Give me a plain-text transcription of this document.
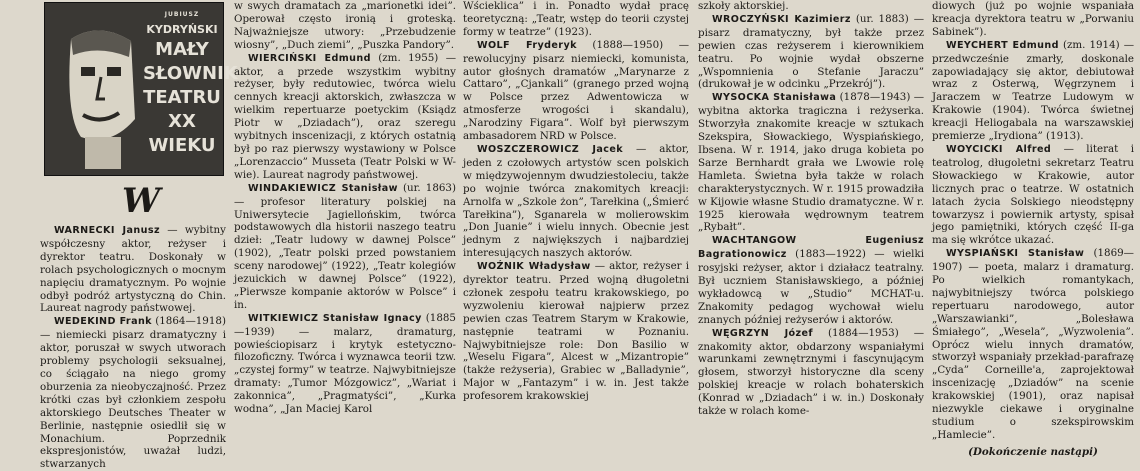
JUBIUSZ
KYDRYŃSKI
MAŁY
SŁOWNIK
TEATRU
XX
WIEKU
W

WARNECKI Janusz — wybitny współczesny aktor, reżyser i dyrektor teatru. Doskonały w rolach psychologicznych o mocnym napięciu dramatycznym. Po wojnie odbył podróż artystyczną do Chin. Laureat nagrody państwowej.

WEDEKIND Frank (1864—1918) — niemiecki pisarz dramatyczny i aktor, poruszał w swych utworach problemy psychologii seksualnej, co ściągało na niego gromy oburzenia za nieobyczajność. Przez krótki czas był członkiem zespołu aktorskiego Deutsches Theater w Berlinie, następnie osiedlił się w Monachium. Poprzednik ekspresjonistów, uważał ludzi, stwarzanych

w swych dramatach za „marionetki idei”. Operował często ironią i groteską. Najważniejsze utwory: „Przebudzenie wiosny”, „Duch ziemi”, „Puszka Pandory”.

WIERCIŃSKI Edmund (zm. 1955) — aktor, a przede wszystkim wybitny reżyser, były redutowiec, twórca wielu cennych kreacji aktorskich, zwłaszcza w wielkim repertuarze poetyckim (Ksiądz Piotr w „Dziadach”), oraz szeregu wybitnych inscenizacji, z których ostatnią był po raz pierwszy wystawiony w Polsce „Lorenzaccio” Musseta (Teatr Polski w W-wie). Laureat nagrody państwowej.

WINDAKIEWICZ Stanisław (ur. 1863) — profesor literatury polskiej na Uniwersytecie Jagiellońskim, twórca podstawowych dla historii naszego teatru dzieł: „Teatr ludowy w dawnej Polsce” (1902), „Teatr polski przed powstaniem sceny narodowej” (1922), „Teatr kolegiów jezuickich w dawnej Polsce” (1922), „Pierwsze kompanie aktorów w Polsce” i in.

WITKIEWICZ Stanisław Ignacy (1885—1939) — malarz, dramaturg, powieściopisarz i krytyk estetyczno-filozoficzny. Twórca i wyznawca teorii tzw. „czystej formy” w teatrze. Najwybitniejsze dramaty: „Tumor Mózgowicz”, „Wariat i zakonnica”, „Pragmatyści”, „Kurka wodna”, „Jan Maciej Karol

Wścieklica” i in. Ponadto wydał pracę teoretyczną: „Teatr, wstęp do teorii czystej formy w teatrze” (1923).

WOLF Fryderyk (1888—1950) — rewolucyjny pisarz niemiecki, komunista, autor głośnych dramatów „Marynarze z Cattaro”, „Cjankali” (granego przed wojną w Polsce przez Adwentowicza w atmosferze wrogości i skandalu), „Narodziny Figara”. Wolf był pierwszym ambasadorem NRD w Polsce.

WOSZCZEROWICZ Jacek — aktor, jeden z czołowych artystów scen polskich w międzywojennym dwudziestoleciu, także po wojnie twórca znakomitych kreacji: Arnolfa w „Szkole żon”, Tarełkina („Śmierć Tarełkina”), Sganarela w molierowskim „Don Juanie” i wielu innych. Obecnie jest jednym z największych i najbardziej interesujących naszych aktorów.

WOŹNIK Władysław — aktor, reżyser i dyrektor teatru. Przed wojną długoletni członek zespołu teatru krakowskiego, po wyzwoleniu kierował najpierw przez pewien czas Teatrem Starym w Krakowie, następnie teatrami w Poznaniu. Najwybitniejsze role: Don Basilio w „Weselu Figara”, Alcest w „Mizantropie” (także reżyseria), Grabiec w „Balladynie”, Major w „Fantazym” i w. in. Jest także profesorem krakowskiej

szkoły aktorskiej.

WROCZYŃSKI Kazimierz (ur. 1883) — pisarz dramatyczny, był także przez pewien czas reżyserem i kierownikiem teatru. Po wojnie wydał obszerne „Wspomnienia o Stefanie Jaraczu” (drukował je w odcinku „Przekrój”).

WYSOCKA Stanisława (1878—1943) — wybitna aktorka tragiczna i reżyserka. Stworzyła znakomite kreacje w sztukach Szekspira, Słowackiego, Wyspiańskiego, Ibsena. W r. 1914, jako druga kobieta po Sarze Bernhardt grała we Lwowie rolę Hamleta. Świetna była także w rolach charakterystycznych. W r. 1915 prowadziła w Kijowie własne Studio dramatyczne. W r. 1925 kierowała wędrownym teatrem „Rybałt”.

WACHTANGOW Eugeniusz Bagrationowicz (1883—1922) — wielki rosyjski reżyser, aktor i działacz teatralny. Był uczniem Stanisławskiego, a później wykładowcą w „Studio” MCHAT-u. Znakomity pedagog wychował wielu znanych później reżyserów i aktorów.

WĘGRZYN Józef (1884—1953) — znakomity aktor, obdarzony wspaniałymi warunkami zewnętrznymi i fascynującym głosem, stworzył historyczne dla sceny polskiej kreacje w rolach bohaterskich (Konrad w „Dziadach” i w. in.) Doskonały także w rolach kome-

diowych (już po wojnie wspaniała kreacja dyrektora teatru w „Porwaniu Sabinek”).

WEYCHERT Edmund (zm. 1914) — przedwcześnie zmarły, doskonale zapowiadający się aktor, debiutował wraz z Osterwą, Węgrzynem i Jaraczem w Teatrze Ludowym w Krakowie (1904). Twórca świetnej kreacji Heliogabala na warszawskiej premierze „Irydiona” (1913).

WOYCICKI Alfred — literat i teatrolog, długoletni sekretarz Teatru Słowackiego w Krakowie, autor licznych prac o teatrze. W ostatnich latach życia Solskiego nieodstępny towarzysz i powiernik artysty, spisał jego pamiętniki, których część II-ga ma się wkrótce ukazać.

WYSPIAŃSKI Stanisław (1869—1907) — poeta, malarz i dramaturg. Po wielkich romantykach, najwybitniejszy twórca polskiego repertuaru narodowego, autor „Warszawianki”, „Bolesława Śmiałego”, „Wesela”, „Wyzwolenia”. Oprócz wielu innych dramatów, stworzył wspaniały przekład-parafrazę „Cyda” Corneille'a, zaprojektował inscenizację „Dziadów” na scenie krakowskiej (1901), oraz napisał niezwykle ciekawe i oryginalne studium o szekspirowskim „Hamlecie”.

(Dokończenie nastąpi)
